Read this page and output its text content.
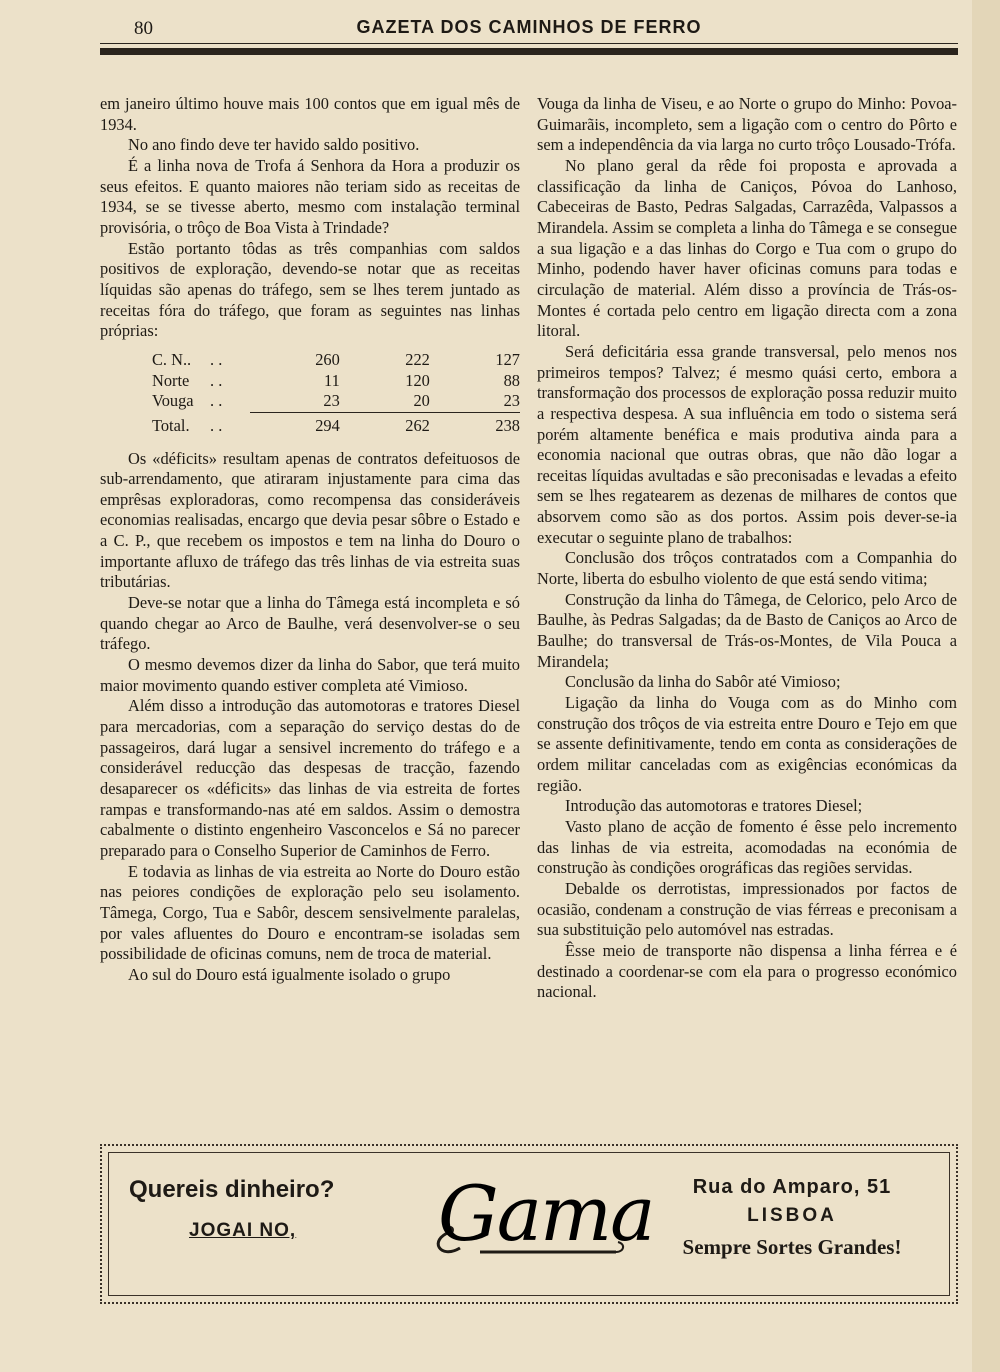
80	GAZETA DOS CAMINHOS DE FERRO

em janeiro último houve mais 100 contos que em igual mês de 1934.

No ano findo deve ter havido saldo positivo.

É a linha nova de Trofa á Senhora da Hora a produzir os seus efeitos. E quanto maiores não teriam sido as receitas de 1934, se se tivesse aberto, mesmo com instalação terminal provisória, o trôço de Boa Vista à Trindade?

Estão portanto tôdas as três companhias com saldos positivos de exploração, devendo-se notar que as receitas líquidas são apenas do tráfego, sem se lhes terem juntado as receitas fóra do tráfego, que foram as seguintes nas linhas próprias:

C. N..	. .	260	222	127
Norte	. .	11	120	88
Vouga	. .	23	20	23
Total.	. .	294	262	238

Os «déficits» resultam apenas de contratos defeituosos de sub-arrendamento, que atiraram injustamente para cima das emprêsas exploradoras, como recompensa das consideráveis economias realisadas, encargo que devia pesar sôbre o Estado e a C. P., que recebem os impostos e tem na linha do Douro o importante afluxo de tráfego das três linhas de via estreita suas tributárias.

Deve-se notar que a linha do Tâmega está incompleta e só quando chegar ao Arco de Baulhe, verá desenvolver-se o seu tráfego.

O mesmo devemos dizer da linha do Sabor, que terá muito maior movimento quando estiver completa até Vimioso.

Além disso a introdução das automotoras e tratores Diesel para mercadorias, com a separação do serviço destas do de passageiros, dará lugar a sensivel incremento do tráfego e a considerável reducção das despesas de tracção, fazendo desaparecer os «déficits» das linhas de via estreita de fortes rampas e transformando-nas até em saldos. Assim o demostra cabalmente o distinto engenheiro Vasconcelos e Sá no parecer preparado para o Conselho Superior de Caminhos de Ferro.

E todavia as linhas de via estreita ao Norte do Douro estão nas peiores condições de exploração pelo seu isolamento. Tâmega, Corgo, Tua e Sabôr, descem sensivelmente paralelas, por vales afluentes do Douro e encontram-se isoladas sem possibilidade de oficinas comuns, nem de troca de material.

Ao sul do Douro está igualmente isolado o grupo

Vouga da linha de Viseu, e ao Norte o grupo do Minho: Povoa-Guimarãis, incompleto, sem a ligação com o centro do Pôrto e sem a independência da via larga no curto trôço Lousado-Trófa.

No plano geral da rêde foi proposta e aprovada a classificação da linha de Caniços, Póvoa do Lanhoso, Cabeceiras de Basto, Pedras Salgadas, Carrazêda, Valpassos a Mirandela. Assim se completa a linha do Tâmega e se consegue a sua ligação e a das linhas do Corgo e Tua com o grupo do Minho, podendo haver haver oficinas comuns para todas e circulação de material. Além disso a província de Trás-os-Montes é cortada pelo centro em ligação directa com a zona litoral.

Será deficitária essa grande transversal, pelo menos nos primeiros tempos? Talvez; é mesmo quási certo, embora a transformação dos processos de exploração possa reduzir muito a respectiva despesa. A sua influência em todo o sistema será porém altamente benéfica e mais produtiva ainda para a economia nacional que outras obras, que não dão logar a receitas líquidas avultadas e são preconisadas e levadas a efeito sem se lhes regatearem as dezenas de milhares de contos que absorvem como são as dos portos. Assim pois dever-se-ia executar o seguinte plano de trabalhos:

Conclusão dos trôços contratados com a Companhia do Norte, liberta do esbulho violento de que está sendo vitima;

Construção da linha do Tâmega, de Celorico, pelo Arco de Baulhe, às Pedras Salgadas; da de Basto de Caniços ao Arco de Baulhe; do transversal de Trás-os-Montes, de Vila Pouca a Mirandela;

Conclusão da linha do Sabôr até Vimioso;

Ligação da linha do Vouga com as do Minho com construção dos trôços de via estreita entre Douro e Tejo em que se assente definitivamente, tendo em conta as considerações de ordem militar canceladas com as exigências económicas da região.

Introdução das automotoras e tratores Diesel;

Vasto plano de acção de fomento é êsse pelo incremento das linhas de via estreita, acomodadas na económia de construção às condições orográficas das regiões servidas.

Debalde os derrotistas, impressionados por factos de ocasião, condenam a construção de vias férreas e preconisam a sua substituição pelo automóvel nas estradas.

Êsse meio de transporte não dispensa a linha férrea e é destinado a coordenar-se com ela para o progresso económico nacional.

Quereis dinheiro?
JOGAI NO,	Gama	Rua do Amparo, 51
LISBOA
Sempre Sortes Grandes!
